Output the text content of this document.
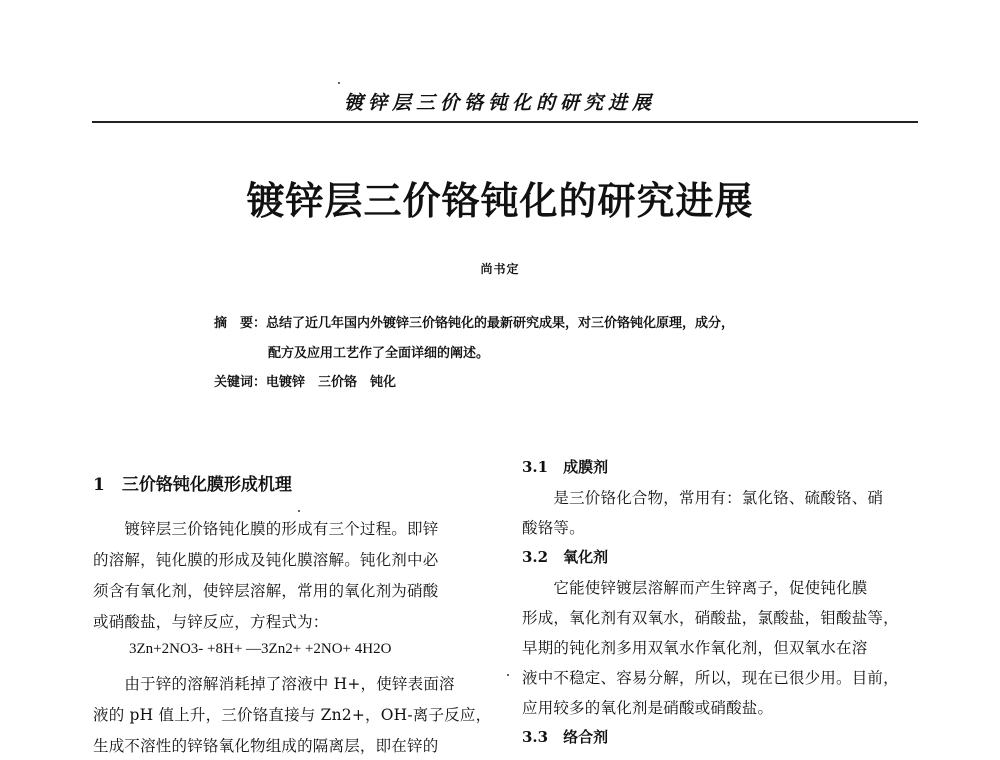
镀锌层三价铬钝化的研究进展
镀锌层三价铬钝化的研究进展
尚书定
摘　要：总结了近几年国内外镀锌三价铬钝化的最新研究成果，对三价铬钝化原理，成分，
配方及应用工艺作了全面详细的阐述。
关键词：电镀锌　三价铬　钝化
1　三价铬钝化膜形成机理
　　镀锌层三价铬钝化膜的形成有三个过程。即锌
的溶解，钝化膜的形成及钝化膜溶解。钝化剂中必
须含有氧化剂，使锌层溶解，常用的氧化剂为硝酸
或硝酸盐，与锌反应，方程式为：
3Zn+2NO3- +8H+ —3Zn2+ +2NO+ 4H2O
　　由于锌的溶解消耗掉了溶液中 H+，使锌表面溶
液的 pH 值上升，三价铬直接与 Zn2+，OH-离子反应，
生成不溶性的锌铬氧化物组成的隔离层，即在锌的
3.1　成膜剂
　　是三价铬化合物，常用有：氯化铬、硫酸铬、硝
酸铬等。
3.2　氧化剂
　　它能使锌镀层溶解而产生锌离子，促使钝化膜
形成，氧化剂有双氧水，硝酸盐，氯酸盐，钼酸盐等，
早期的钝化剂多用双氧水作氧化剂，但双氧水在溶
液中不稳定、容易分解，所以，现在已很少用。目前，
应用较多的氧化剂是硝酸或硝酸盐。
3.3　络合剂
